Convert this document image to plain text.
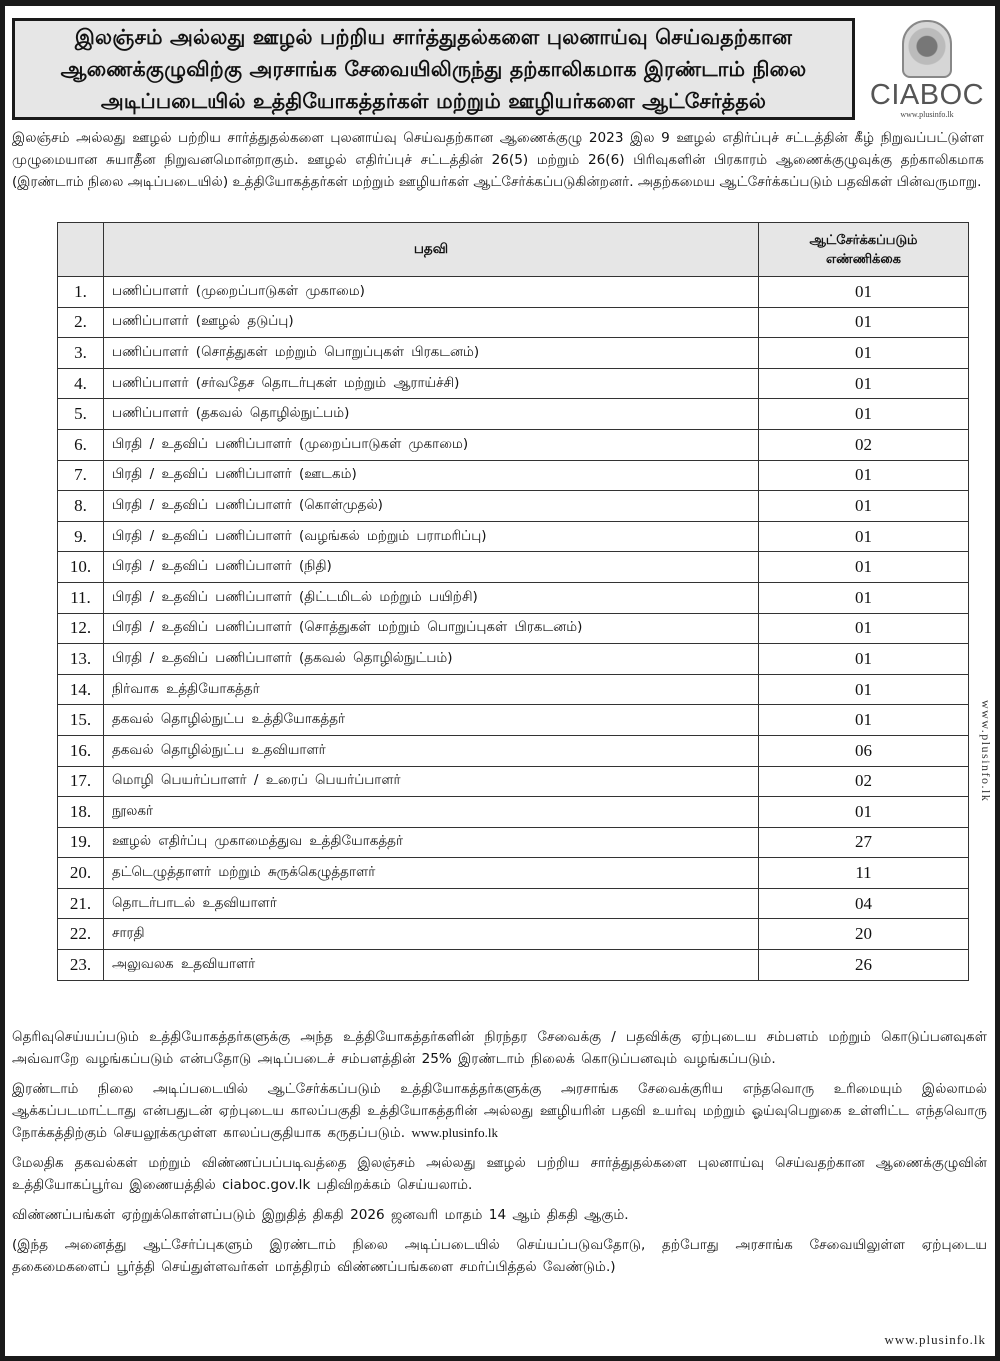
இலஞ்சம் அல்லது ஊழல் பற்றிய சார்த்துதல்களை புலனாய்வு செய்வதற்கான
ஆணைக்குழுவிற்கு அரசாங்க சேவையிலிருந்து தற்காலிகமாக இரண்டாம் நிலை
அடிப்படையில் உத்தியோகத்தர்கள் மற்றும் ஊழியர்களை ஆட்சேர்த்தல்	CIABOC
www.plusinfo.lk

இலஞ்சம் அல்லது ஊழல் பற்றிய சார்த்துதல்களை புலனாய்வு செய்வதற்கான ஆணைக்குழு 2023 இல 9 ஊழல் எதிர்ப்புச் சட்டத்தின் கீழ் நிறுவப்பட்டுள்ள முழுமையான சுயாதீன நிறுவனமொன்றாகும். ஊழல் எதிர்ப்புச் சட்டத்தின் 26(5) மற்றும் 26(6) பிரிவுகளின் பிரகாரம் ஆணைக்குழுவுக்கு தற்காலிகமாக (இரண்டாம் நிலை அடிப்படையில்) உத்தியோகத்தர்கள் மற்றும் ஊழியர்கள் ஆட்சேர்க்கப்படுகின்றனர். அதற்கமைய ஆட்சேர்க்கப்படும் பதவிகள் பின்வருமாறு.

	பதவி	ஆட்சேர்க்கப்படும்
எண்ணிக்கை
1.	பணிப்பாளர் (முறைப்பாடுகள் முகாமை)	01
2.	பணிப்பாளர் (ஊழல் தடுப்பு)	01
3.	பணிப்பாளர் (சொத்துகள் மற்றும் பொறுப்புகள் பிரகடனம்)	01
4.	பணிப்பாளர் (சர்வதேச தொடர்புகள் மற்றும் ஆராய்ச்சி)	01
5.	பணிப்பாளர் (தகவல் தொழில்நுட்பம்)	01
6.	பிரதி / உதவிப் பணிப்பாளர் (முறைப்பாடுகள் முகாமை)	02
7.	பிரதி / உதவிப் பணிப்பாளர் (ஊடகம்)	01
8.	பிரதி / உதவிப் பணிப்பாளர் (கொள்முதல்)	01
9.	பிரதி / உதவிப் பணிப்பாளர் (வழங்கல் மற்றும் பராமரிப்பு)	01
10.	பிரதி / உதவிப் பணிப்பாளர் (நிதி)	01
11.	பிரதி / உதவிப் பணிப்பாளர் (திட்டமிடல் மற்றும் பயிற்சி)	01
12.	பிரதி / உதவிப் பணிப்பாளர் (சொத்துகள் மற்றும் பொறுப்புகள் பிரகடனம்)	01
13.	பிரதி / உதவிப் பணிப்பாளர் (தகவல் தொழில்நுட்பம்)	01
14.	நிர்வாக உத்தியோகத்தர்	01
15.	தகவல் தொழில்நுட்ப உத்தியோகத்தர்	01
16.	தகவல் தொழில்நுட்ப உதவியாளர்	06
17.	மொழி பெயர்ப்பாளர் / உரைப் பெயர்ப்பாளர்	02
18.	நூலகர்	01
19.	ஊழல் எதிர்ப்பு முகாமைத்துவ உத்தியோகத்தர்	27
20.	தட்டெழுத்தாளர் மற்றும் சுருக்கெழுத்தாளர்	11
21.	தொடர்பாடல் உதவியாளர்	04
22.	சாரதி	20
23.	அலுவலக உதவியாளர்	26
www.plusinfo.lk

தெரிவுசெய்யப்படும் உத்தியோகத்தர்களுக்கு அந்த உத்தியோகத்தர்களின் நிரந்தர சேவைக்கு / பதவிக்கு ஏற்புடைய சம்பளம் மற்றும் கொடுப்பனவுகள் அவ்வாறே வழங்கப்படும் என்பதோடு அடிப்படைச் சம்பளத்தின் 25% இரண்டாம் நிலைக் கொடுப்பனவும் வழங்கப்படும்.

இரண்டாம் நிலை அடிப்படையில் ஆட்சேர்க்கப்படும் உத்தியோகத்தர்களுக்கு அரசாங்க சேவைக்குரிய எந்தவொரு உரிமையும் இல்லாமல் ஆக்கப்படமாட்டாது என்பதுடன் ஏற்புடைய காலப்பகுதி உத்தியோகத்தரின் அல்லது ஊழியரின் பதவி உயர்வு மற்றும் ஓய்வுபெறுகை உள்ளிட்ட எந்தவொரு நோக்கத்திற்கும் செயலூக்கமுள்ள காலப்பகுதியாக கருதப்படும். www.plusinfo.lk

மேலதிக தகவல்கள் மற்றும் விண்ணப்பப்படிவத்தை இலஞ்சம் அல்லது ஊழல் பற்றிய சார்த்துதல்களை புலனாய்வு செய்வதற்கான ஆணைக்குழுவின் உத்தியோகப்பூர்வ இணையத்தில் ciaboc.gov.lk பதிவிறக்கம் செய்யலாம்.

விண்ணப்பங்கள் ஏற்றுக்கொள்ளப்படும் இறுதித் திகதி 2026 ஜனவரி மாதம் 14 ஆம் திகதி ஆகும்.

(இந்த அனைத்து ஆட்சேர்ப்புகளும் இரண்டாம் நிலை அடிப்படையில் செய்யப்படுவதோடு, தற்போது அரசாங்க சேவையிலுள்ள ஏற்புடைய தகைமைகளைப் பூர்த்தி செய்துள்ளவர்கள் மாத்திரம் விண்ணப்பங்களை சமர்ப்பித்தல் வேண்டும்.)

www.plusinfo.lk
